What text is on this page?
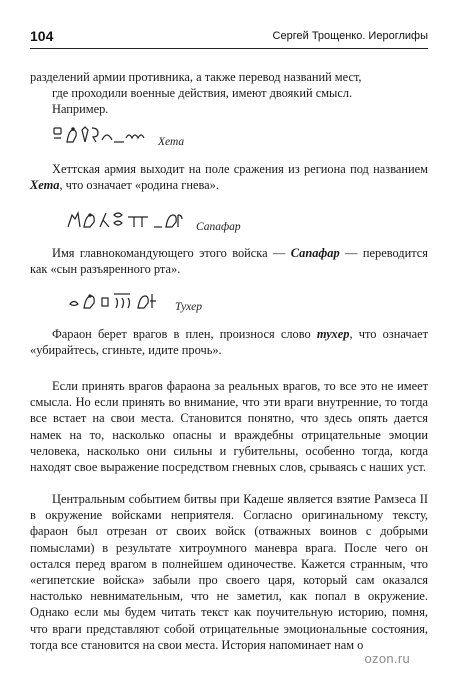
104	Сергей Трощенко. Иероглифы

разделений армии противника, а также перевод названий мест,

где проходили военные действия, имеют двоякий смысл.

Например.

Хета

Хеттская армия выходит на поле сражения из региона под названием Хета, что означает «родина гнева».

Сапафар

Имя главнокомандующего этого войска — Сапафар — переводится как «сын разъяренного рта».

Тухер

Фараон берет врагов в плен, произнося слово тухер, что означает «убирайтесь, сгиньте, идите прочь».

Если принять врагов фараона за реальных врагов, то все это не имеет смысла. Но если принять во внимание, что эти враги внутренние, то тогда все встает на свои места. Становится понятно, что здесь опять дается намек на то, насколько опасны и враждебны отрицательные эмоции человека, насколько они сильны и губительны, особенно тогда, когда находят свое выражение посредством гневных слов, срываясь с наших уст.

Центральным событием битвы при Кадеше является взятие Рамзеса II в окружение войсками неприятеля. Согласно оригинальному тексту, фараон был отрезан от своих войск (отважных воинов с добрыми помыслами) в результате хитроумного маневра врага. После чего он остался перед врагом в полнейшем одиночестве. Кажется странным, что «египетские войска» забыли про своего царя, который сам оказался настолько невнимательным, что не заметил, как попал в окружение. Однако если мы будем читать текст как поучительную историю, помня, что враги представляют собой отрицательные эмоциональные состояния, тогда все становится на свои места. История напоминает нам о

ozon.ru
